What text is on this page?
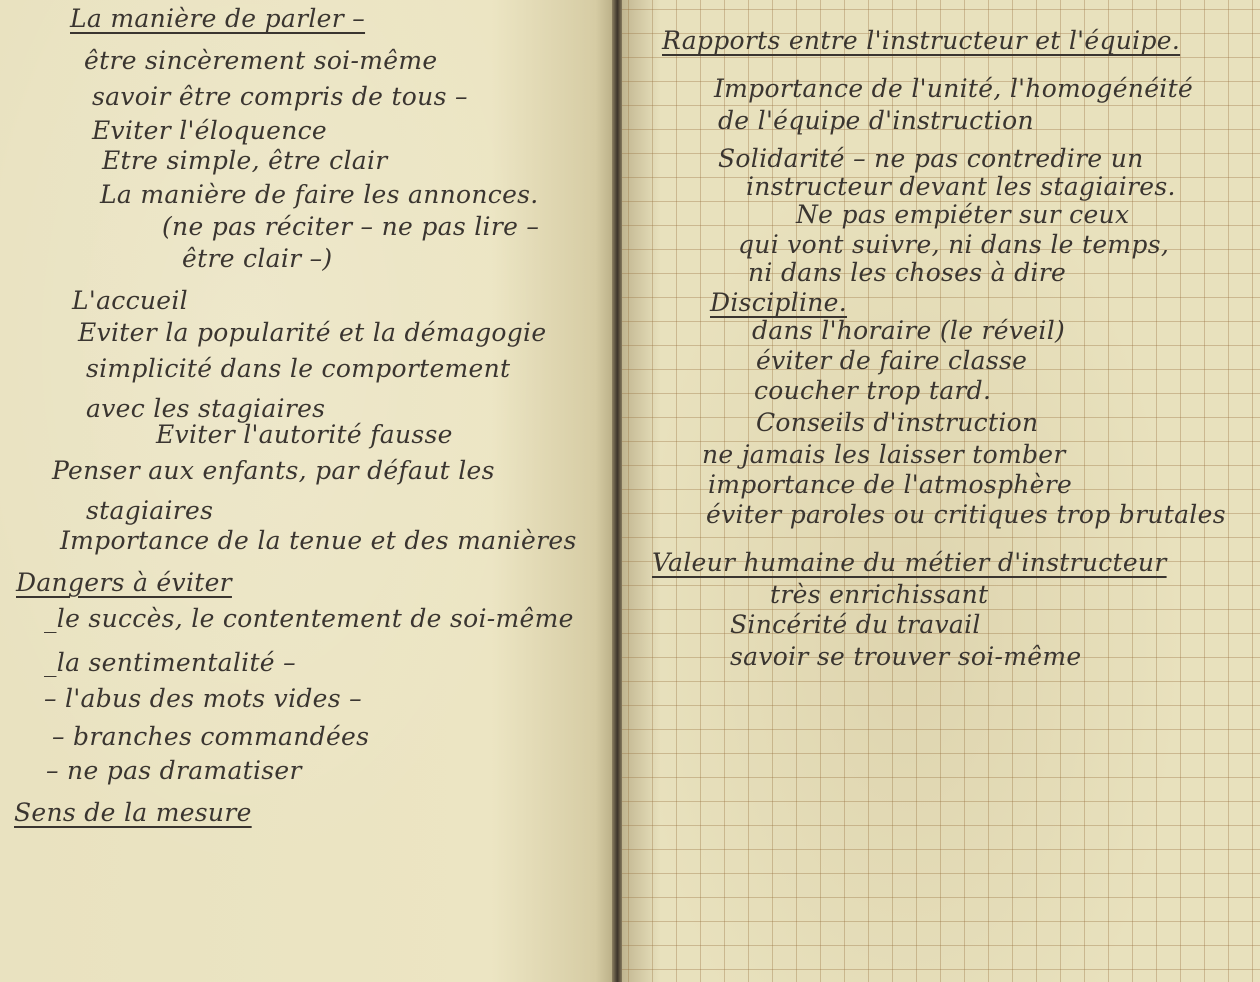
La manière de parler –

être sincèrement soi-même

savoir être compris de tous –

Eviter l'éloquence

Etre simple, être clair

La manière de faire les annonces.

(ne pas réciter – ne pas lire –

être clair –)

L'accueil

Eviter la popularité et la démagogie

simplicité dans le comportement

avec les stagiaires

Eviter l'autorité fausse

Penser aux enfants, par défaut les

stagiaires

Importance de la tenue et des manières

Dangers à éviter

_le succès, le contentement de soi-même

_la sentimentalité –

– l'abus des mots vides –

– branches commandées

– ne pas dramatiser

Sens de la mesure

Rapports entre l'instructeur et l'équipe.

Importance de l'unité, l'homogénéité

de l'équipe d'instruction

Solidarité – ne pas contredire un

instructeur devant les stagiaires.

Ne pas empiéter sur ceux

qui vont suivre, ni dans le temps,

ni dans les choses à dire

Discipline.

dans l'horaire (le réveil)

éviter de faire classe

coucher trop tard.

Conseils d'instruction

ne jamais les laisser tomber

importance de l'atmosphère

éviter paroles ou critiques trop brutales

Valeur humaine du métier d'instructeur

très enrichissant

Sincérité du travail

savoir se trouver soi-même
